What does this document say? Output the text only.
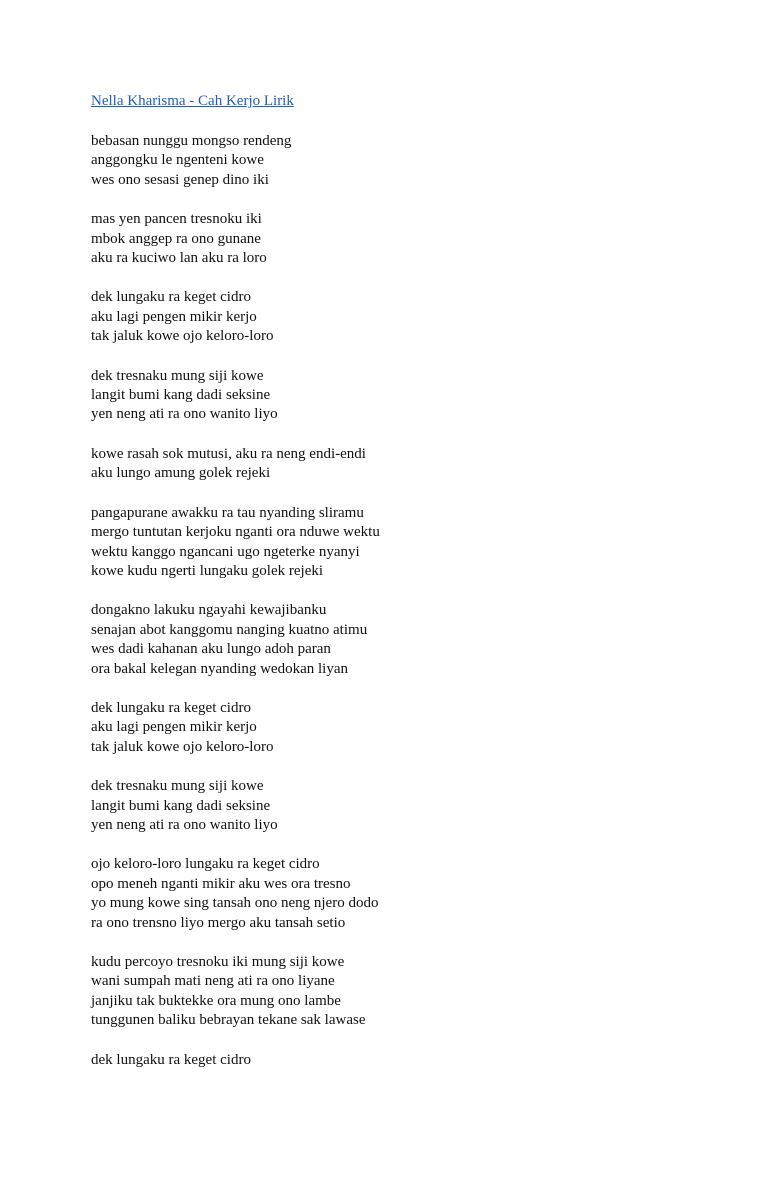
Nella Kharisma - Cah Kerjo Lirik
bebasan nunggu mongso rendeng
anggongku le ngenteni kowe
wes ono sesasi genep dino iki
mas yen pancen tresnoku iki
mbok anggep ra ono gunane
aku ra kuciwo lan aku ra loro
dek lungaku ra keget cidro
aku lagi pengen mikir kerjo
tak jaluk kowe ojo keloro-loro
dek tresnaku mung siji kowe
langit bumi kang dadi seksine
yen neng ati ra ono wanito liyo
kowe rasah sok mutusi, aku ra neng endi-endi
aku lungo amung golek rejeki
pangapurane awakku ra tau nyanding sliramu
mergo tuntutan kerjoku nganti ora nduwe wektu
wektu kanggo ngancani ugo ngeterke nyanyi
kowe kudu ngerti lungaku golek rejeki
dongakno lakuku ngayahi kewajibanku
senajan abot kanggomu nanging kuatno atimu
wes dadi kahanan aku lungo adoh paran
ora bakal kelegan nyanding wedokan liyan
dek lungaku ra keget cidro
aku lagi pengen mikir kerjo
tak jaluk kowe ojo keloro-loro
dek tresnaku mung siji kowe
langit bumi kang dadi seksine
yen neng ati ra ono wanito liyo
ojo keloro-loro lungaku ra keget cidro
opo meneh nganti mikir aku wes ora tresno
yo mung kowe sing tansah ono neng njero dodo
ra ono trensno liyo mergo aku tansah setio
kudu percoyo tresnoku iki mung siji kowe
wani sumpah mati neng ati ra ono liyane
janjiku tak buktekke ora mung ono lambe
tunggunen baliku bebrayan tekane sak lawase
dek lungaku ra keget cidro
